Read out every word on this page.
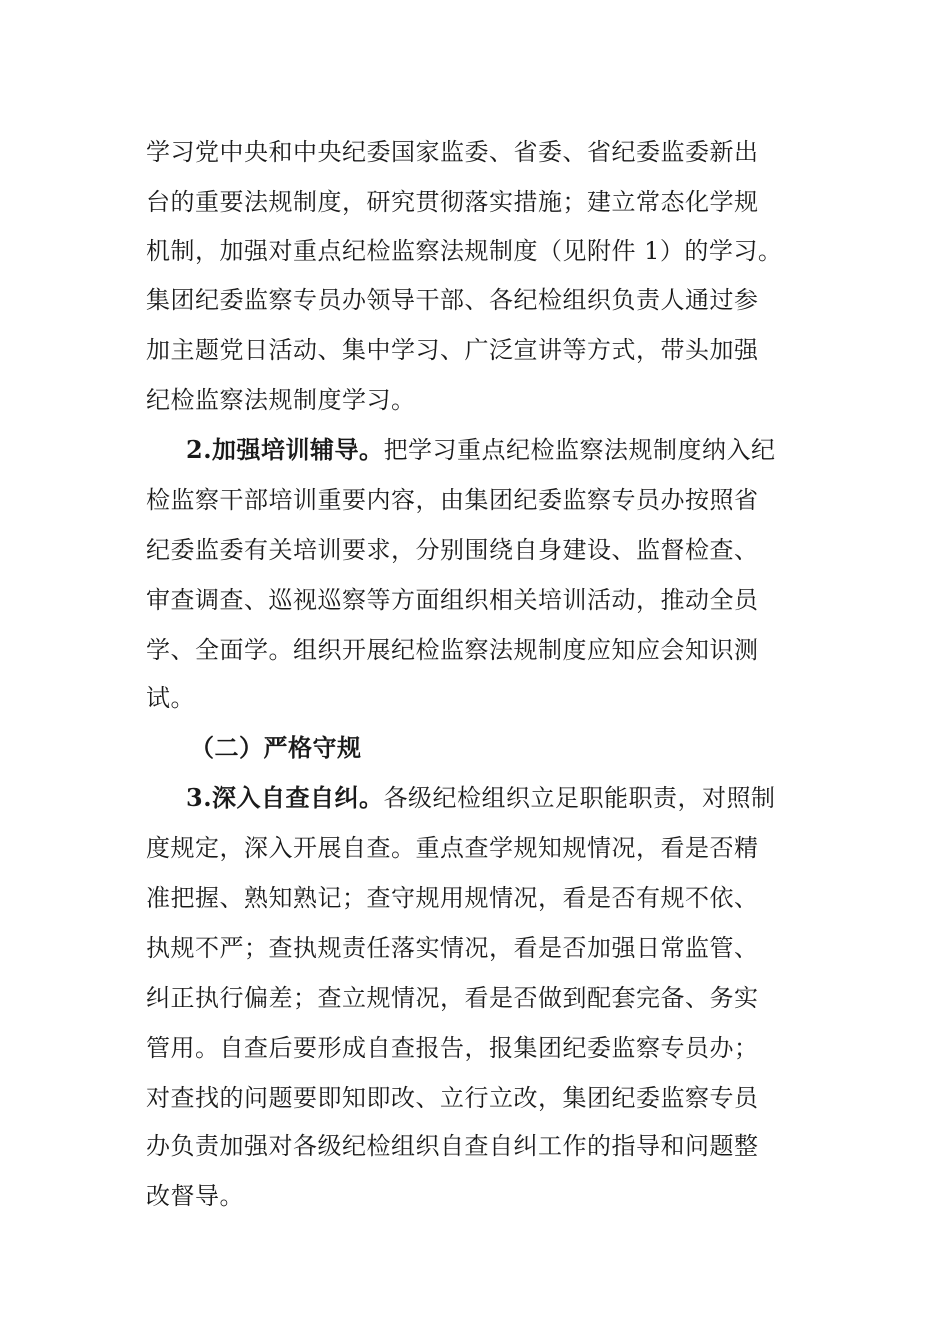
学习党中央和中央纪委国家监委、省委、省纪委监委新出
台的重要法规制度，研究贯彻落实措施；建立常态化学规
机制，加强对重点纪检监察法规制度（见附件 1）的学习。
集团纪委监察专员办领导干部、各纪检组织负责人通过参
加主题党日活动、集中学习、广泛宣讲等方式，带头加强
纪检监察法规制度学习。
2.加强培训辅导。把学习重点纪检监察法规制度纳入纪
检监察干部培训重要内容，由集团纪委监察专员办按照省
纪委监委有关培训要求，分别围绕自身建设、监督检查、
审查调查、巡视巡察等方面组织相关培训活动，推动全员
学、全面学。组织开展纪检监察法规制度应知应会知识测
试。
（二）严格守规
3.深入自查自纠。各级纪检组织立足职能职责，对照制
度规定，深入开展自查。重点查学规知规情况，看是否精
准把握、熟知熟记；查守规用规情况，看是否有规不依、
执规不严；查执规责任落实情况，看是否加强日常监管、
纠正执行偏差；查立规情况，看是否做到配套完备、务实
管用。自查后要形成自查报告，报集团纪委监察专员办；
对查找的问题要即知即改、立行立改，集团纪委监察专员
办负责加强对各级纪检组织自查自纠工作的指导和问题整
改督导。
